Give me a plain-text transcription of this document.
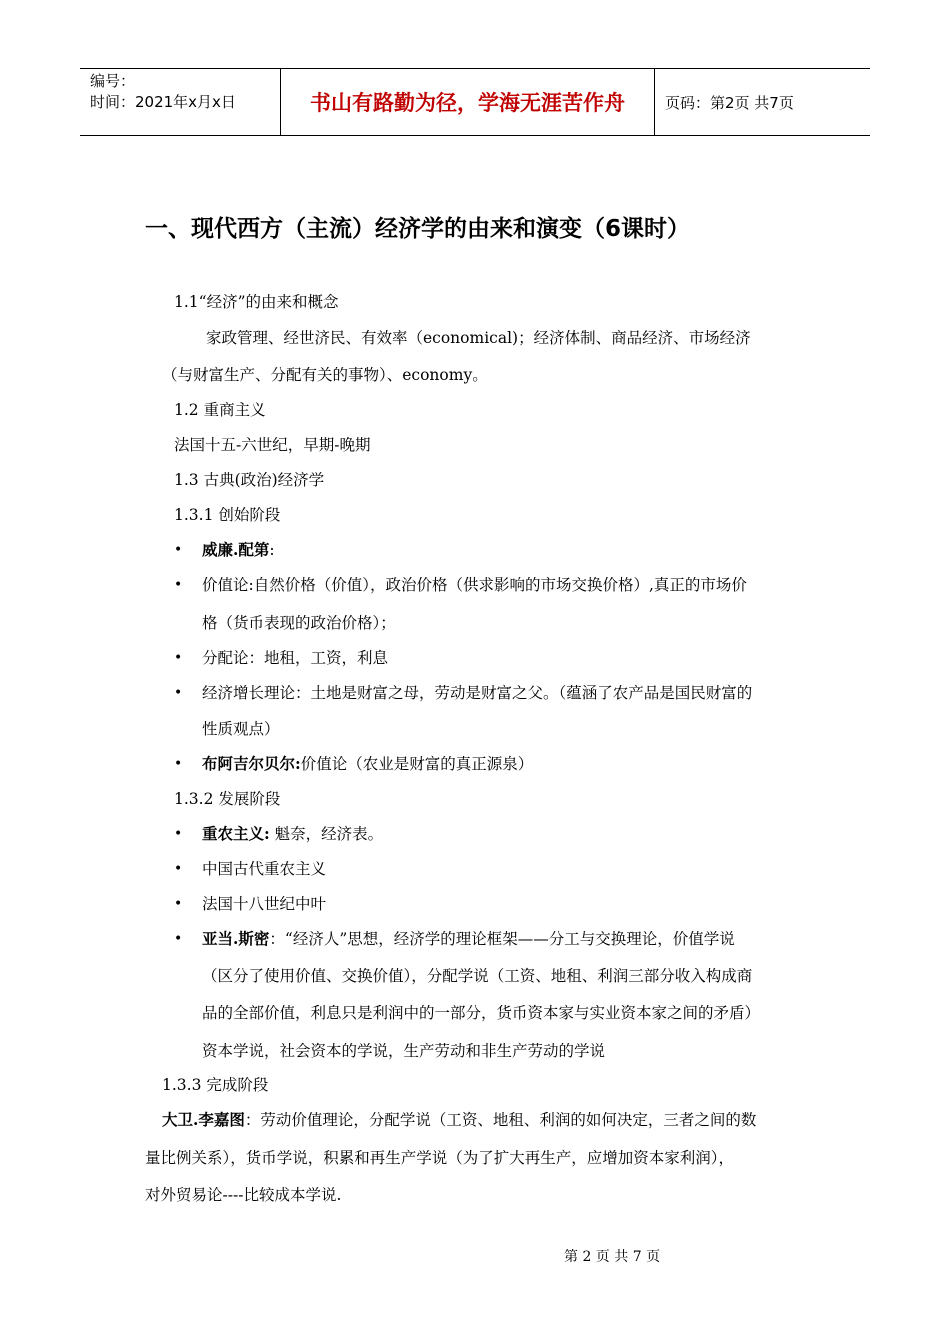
编号：
时间：2021年x月x日	书山有路勤为径，学海无涯苦作舟	页码：第2页 共7页
一、现代西方（主流）经济学的由来和演变（6课时）
1.1“经济”的由来和概念
家政管理、经世济民、有效率（economical)；经济体制、商品经济、市场经济
（与财富生产、分配有关的事物）、economy。
1.2 重商主义
法国十五-六世纪，早期-晚期
1.3 古典(政治)经济学
1.3.1 创始阶段
• 威廉.配第:
• 价值论:自然价格（价值），政治价格（供求影响的市场交换价格）,真正的市场价
格（货币表现的政治价格）；
• 分配论：地租，工资，利息
• 经济增长理论：土地是财富之母，劳动是财富之父。（蕴涵了农产品是国民财富的
性质观点）
• 布阿吉尔贝尔:价值论（农业是财富的真正源泉）
1.3.2 发展阶段
• 重农主义: 魁奈，经济表。
• 中国古代重农主义
• 法国十八世纪中叶
• 亚当.斯密：“经济人”思想，经济学的理论框架——分工与交换理论，价值学说
（区分了使用价值、交换价值），分配学说（工资、地租、利润三部分收入构成商
品的全部价值，利息只是利润中的一部分，货币资本家与实业资本家之间的矛盾）
资本学说，社会资本的学说，生产劳动和非生产劳动的学说
1.3.3 完成阶段
大卫.李嘉图：劳动价值理论，分配学说（工资、地租、利润的如何决定，三者之间的数
量比例关系），货币学说，积累和再生产学说（为了扩大再生产，应增加资本家利润），
对外贸易论----比较成本学说.
第 2 页 共 7 页
